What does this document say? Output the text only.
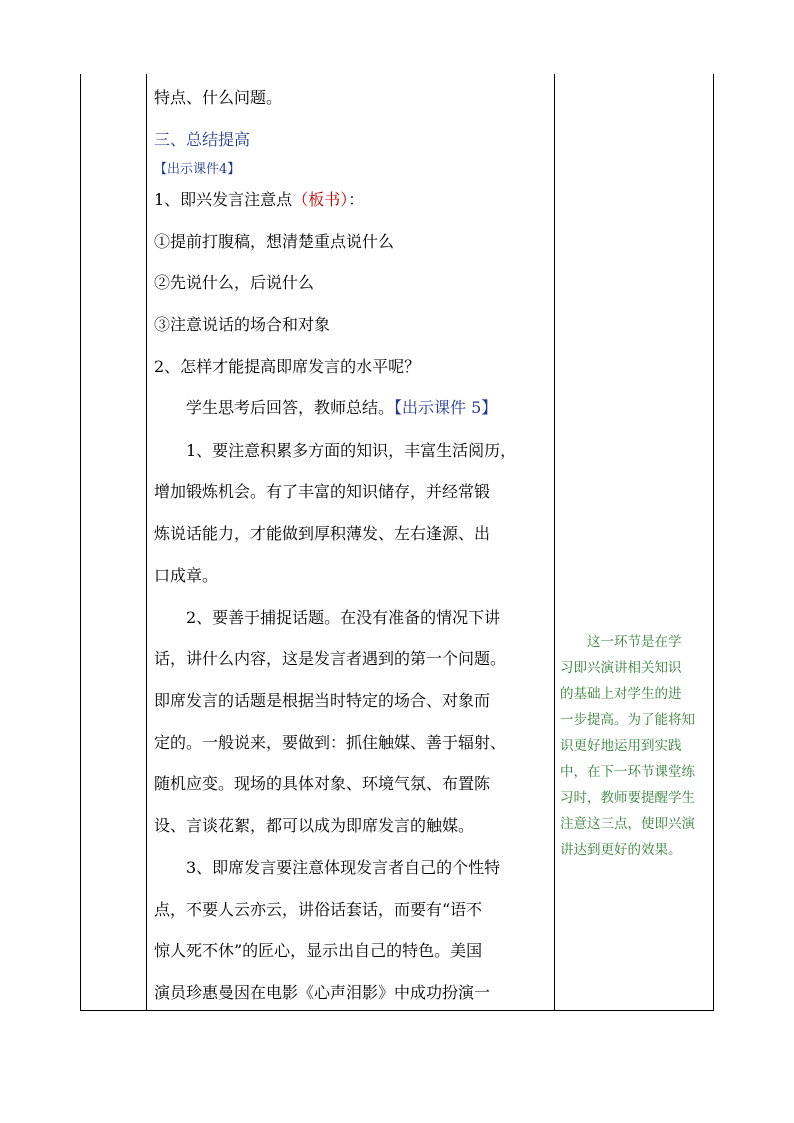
特点、什么问题。
三、总结提高
【出示课件4】
1、即兴发言注意点（板书）：
①提前打腹稿，想清楚重点说什么
②先说什么，后说什么
③注意说话的场合和对象
2、怎样才能提高即席发言的水平呢？
学生思考后回答，教师总结。【出示课件 5】
1、要注意积累多方面的知识，丰富生活阅历，
增加锻炼机会。有了丰富的知识储存，并经常锻
炼说话能力，才能做到厚积薄发、左右逢源、出
口成章。
2、要善于捕捉话题。在没有准备的情况下讲
话，讲什么内容，这是发言者遇到的第一个问题。
即席发言的话题是根据当时特定的场合、对象而
定的。一般说来，要做到：抓住触媒、善于辐射、
随机应变。现场的具体对象、环境气氛、布置陈
设、言谈花絮，都可以成为即席发言的触媒。
3、即席发言要注意体现发言者自己的个性特
点，不要人云亦云，讲俗话套话，而要有“语不
惊人死不休”的匠心，显示出自己的特色。美国
演员珍惠曼因在电影《心声泪影》中成功扮演一
这一环节是在学
习即兴演讲相关知识
的基础上对学生的进
一步提高。为了能将知
识更好地运用到实践
中，在下一环节课堂练
习时，教师要提醒学生
注意这三点，使即兴演
讲达到更好的效果。
